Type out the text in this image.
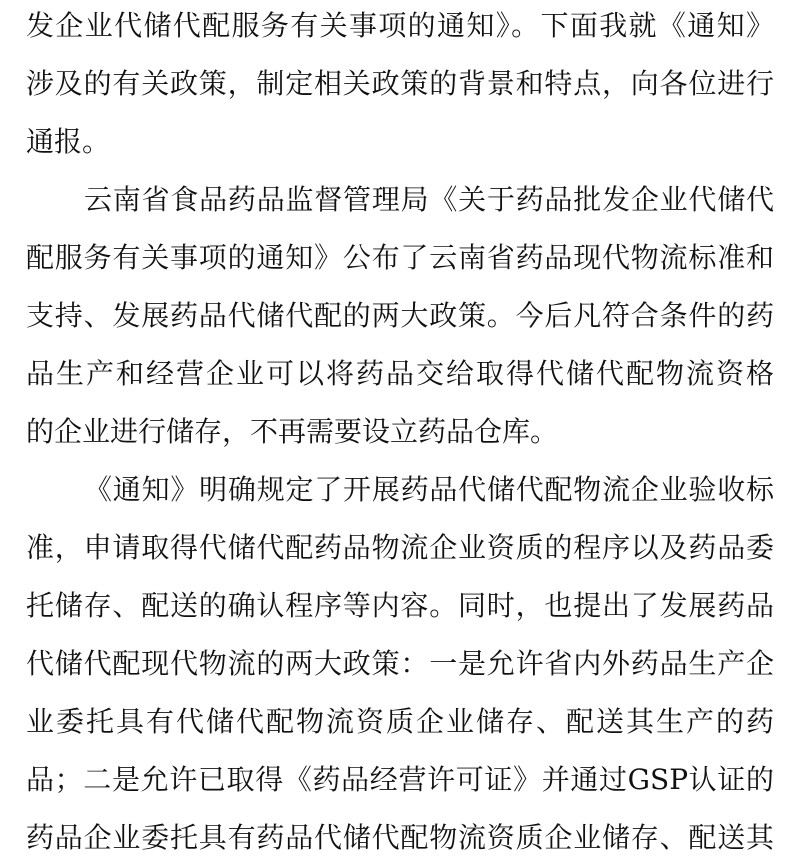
发企业代储代配服务有关事项的通知》。下面我就《通知》
涉及的有关政策，制定相关政策的背景和特点，向各位进行
通报。
云南省食品药品监督管理局《关于药品批发企业代储代
配服务有关事项的通知》公布了云南省药品现代物流标准和
支持、发展药品代储代配的两大政策。今后凡符合条件的药
品生产和经营企业可以将药品交给取得代储代配物流资格
的企业进行储存，不再需要设立药品仓库。
《通知》明确规定了开展药品代储代配物流企业验收标
准，申请取得代储代配药品物流企业资质的程序以及药品委
托储存、配送的确认程序等内容。同时，也提出了发展药品
代储代配现代物流的两大政策：一是允许省内外药品生产企
业委托具有代储代配物流资质企业储存、配送其生产的药
品；二是允许已取得《药品经营许可证》并通过GSP认证的
药品企业委托具有药品代储代配物流资质企业储存、配送其
